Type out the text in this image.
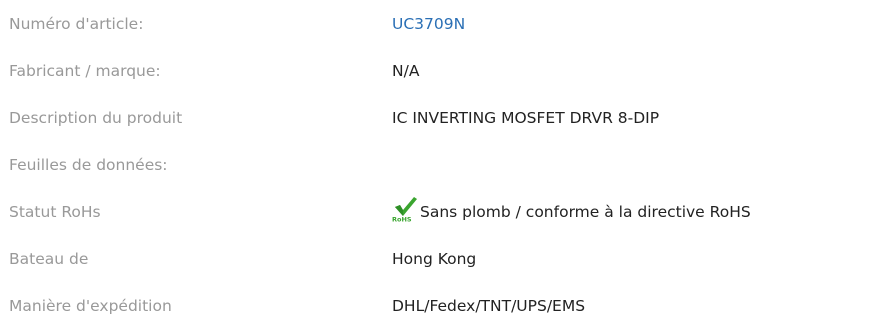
Numéro d'article:	UC3709N
Fabricant / marque:	N/A
Description du produit	IC INVERTING MOSFET DRVR 8-DIP
Feuilles de données:
Statut RoHs	RoHS Sans plomb / conforme à la directive RoHS
Bateau de	Hong Kong
Manière d'expédition	DHL/Fedex/TNT/UPS/EMS
